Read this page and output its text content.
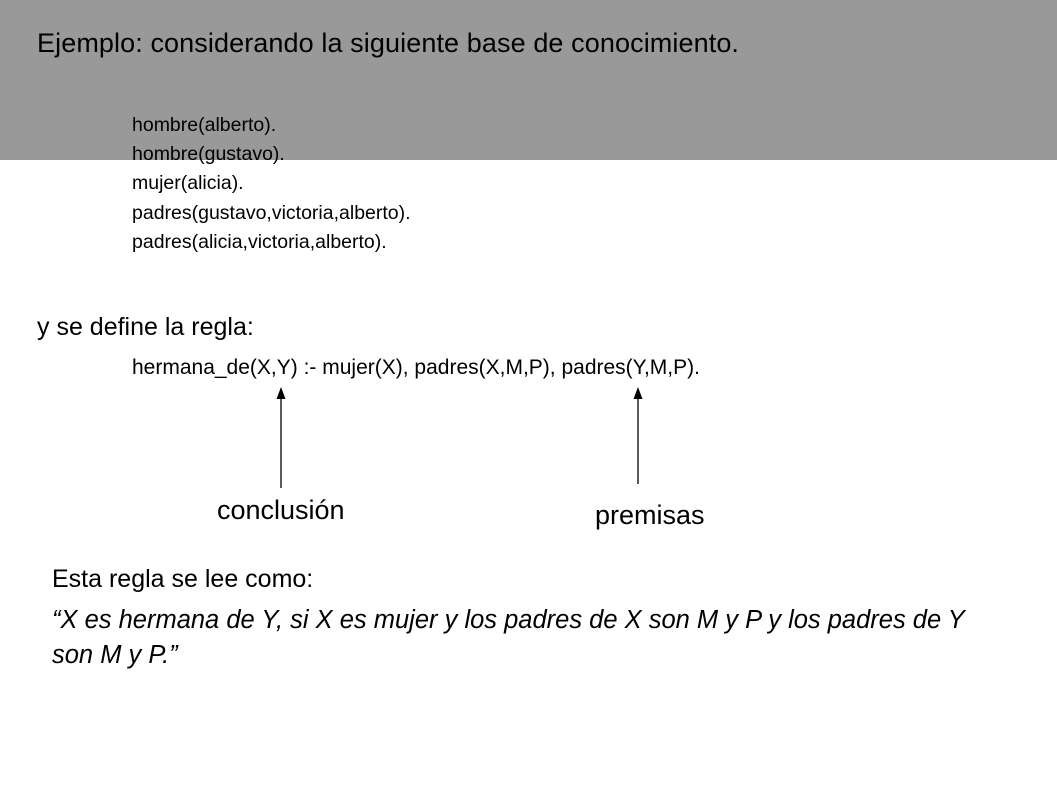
Ejemplo: considerando la siguiente base de conocimiento.
hombre(alberto).
hombre(gustavo).
mujer(alicia).
padres(gustavo,victoria,alberto).
padres(alicia,victoria,alberto).
y se define la regla:
hermana_de(X,Y) :- mujer(X), padres(X,M,P), padres(Y,M,P).
conclusión	premisas
Esta regla se lee como:
“X es hermana de Y, si X es mujer y los padres de X son M y P y los padres de Y son M y P.”
